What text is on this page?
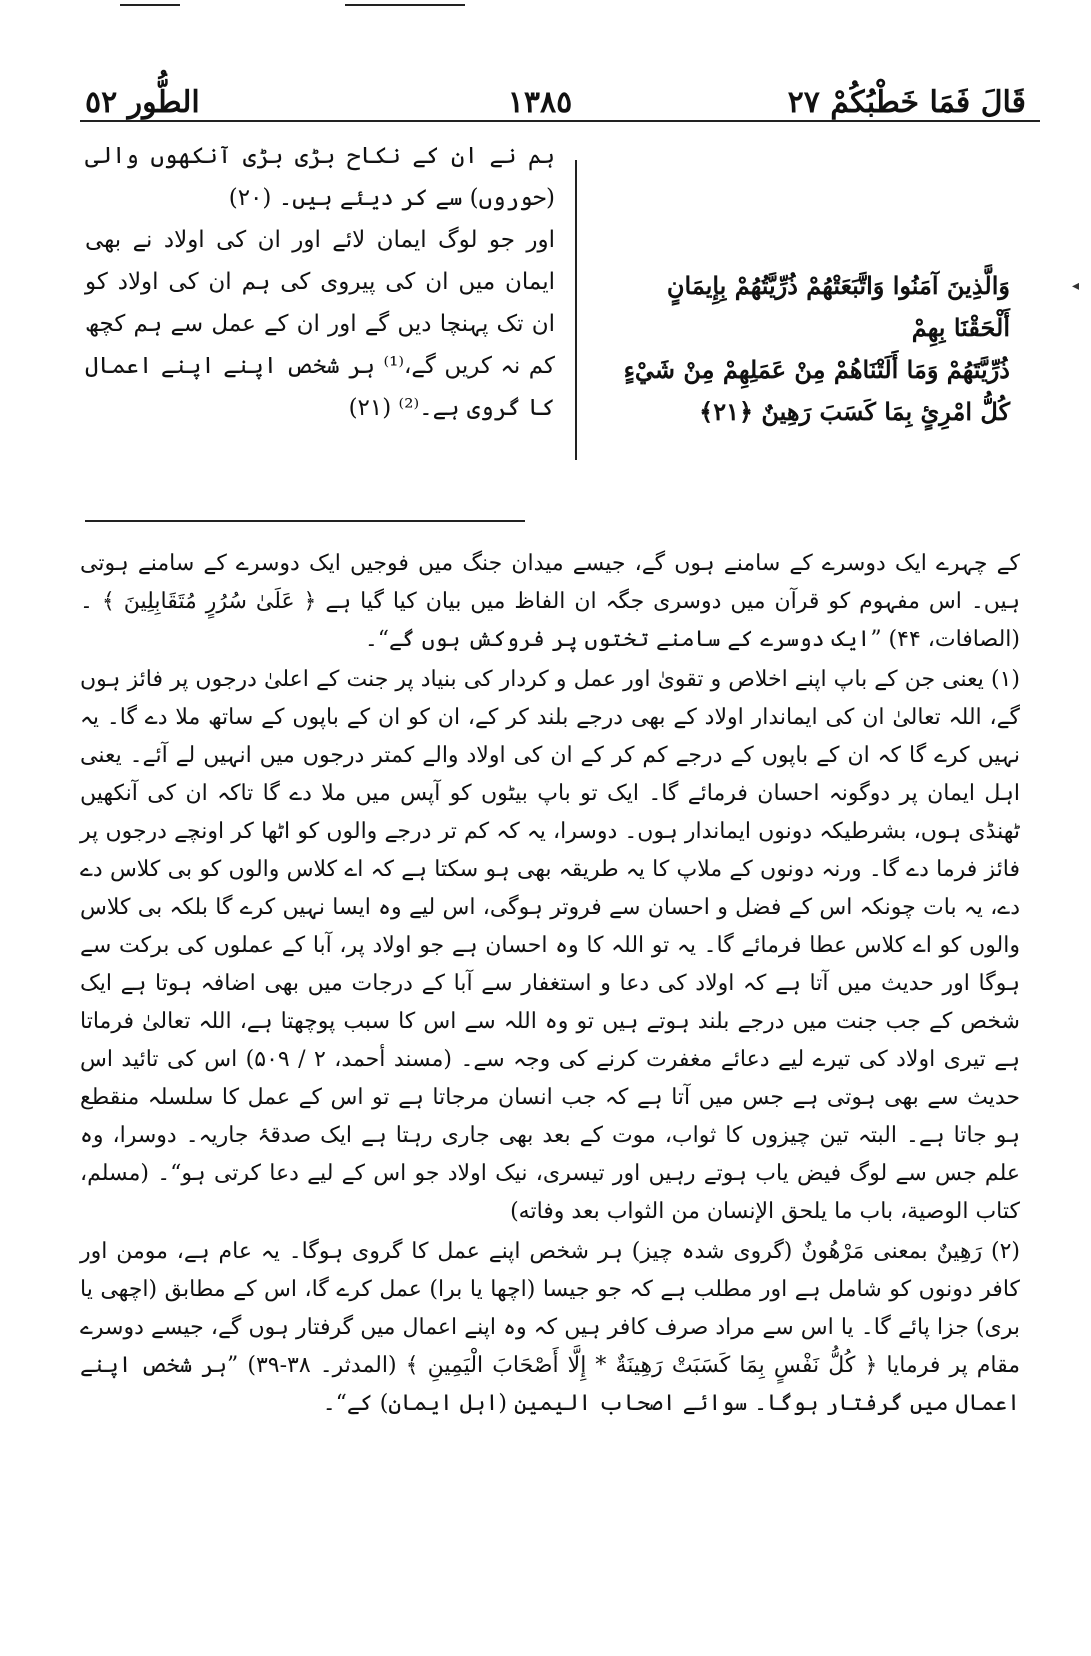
◂
قَالَ فَمَا خَطْبُكُمْ ٢٧
١٣٨٥
الطُّور ٥٢

ہم نے ان کے نکاح بڑی بڑی آنکھوں والی (حوروں) سے کر دیئے ہیں۔ (۲۰)

اور جو لوگ ایمان لائے اور ان کی اولاد نے بھی ایمان میں ان کی پیروی کی ہم ان کی اولاد کو ان تک پہنچا دیں گے اور ان کے عمل سے ہم کچھ کم نہ کریں گے،⁽¹⁾ ہر شخص اپنے اپنے اعمال کا گروی ہے۔⁽²⁾ (۲۱)

وَالَّذِينَ آمَنُوا وَاتَّبَعَتْهُمْ ذُرِّيَّتُهُمْ بِإِيمَانٍ أَلْحَقْنَا بِهِمْ

ذُرِّيَّتَهُمْ وَمَا أَلَتْنَاهُمْ مِنْ عَمَلِهِمْ مِنْ شَيْءٍ

كُلُّ امْرِئٍ بِمَا كَسَبَ رَهِينٌ ﴿٢١﴾

کے چہرے ایک دوسرے کے سامنے ہوں گے، جیسے میدان جنگ میں فوجیں ایک دوسرے کے سامنے ہوتی ہیں۔ اس مفہوم کو قرآن میں دوسری جگہ ان الفاظ میں بیان کیا گیا ہے ﴿ عَلَىٰ سُرُرٍ مُتَقَابِلِينَ ﴾ ۔ (الصافات، ۴۴) ”ایک دوسرے کے سامنے تختوں پر فروکش ہوں گے“۔

(۱) یعنی جن کے باپ اپنے اخلاص و تقویٰ اور عمل و کردار کی بنیاد پر جنت کے اعلیٰ درجوں پر فائز ہوں گے، اللہ تعالیٰ ان کی ایماندار اولاد کے بھی درجے بلند کر کے، ان کو ان کے باپوں کے ساتھ ملا دے گا۔ یہ نہیں کرے گا کہ ان کے باپوں کے درجے کم کر کے ان کی اولاد والے کمتر درجوں میں انہیں لے آئے۔ یعنی اہل ایمان پر دوگونہ احسان فرمائے گا۔ ایک تو باپ بیٹوں کو آپس میں ملا دے گا تاکہ ان کی آنکھیں ٹھنڈی ہوں، بشرطیکہ دونوں ایماندار ہوں۔ دوسرا، یہ کہ کم تر درجے والوں کو اٹھا کر اونچے درجوں پر فائز فرما دے گا۔ ورنہ دونوں کے ملاپ کا یہ طریقہ بھی ہو سکتا ہے کہ اے کلاس والوں کو بی کلاس دے دے، یہ بات چونکہ اس کے فضل و احسان سے فروتر ہوگی، اس لیے وہ ایسا نہیں کرے گا بلکہ بی کلاس والوں کو اے کلاس عطا فرمائے گا۔ یہ تو اللہ کا وہ احسان ہے جو اولاد پر، آبا کے عملوں کی برکت سے ہوگا اور حدیث میں آتا ہے کہ اولاد کی دعا و استغفار سے آبا کے درجات میں بھی اضافہ ہوتا ہے ایک شخص کے جب جنت میں درجے بلند ہوتے ہیں تو وہ اللہ سے اس کا سبب پوچھتا ہے، اللہ تعالیٰ فرماتا ہے تیری اولاد کی تیرے لیے دعائے مغفرت کرنے کی وجہ سے۔ (مسند أحمد، ۲ / ۵۰۹) اس کی تائید اس حدیث سے بھی ہوتی ہے جس میں آتا ہے کہ جب انسان مرجاتا ہے تو اس کے عمل کا سلسلہ منقطع ہو جاتا ہے۔ البتہ تین چیزوں کا ثواب، موت کے بعد بھی جاری رہتا ہے ایک صدقۂ جاریہ۔ دوسرا، وہ علم جس سے لوگ فیض یاب ہوتے رہیں اور تیسری، نیک اولاد جو اس کے لیے دعا کرتی ہو“۔ (مسلم، کتاب الوصية، باب ما يلحق الإنسان من الثواب بعد وفاته)

(۲) رَهِينٌ بمعنی مَرْهُونٌ (گروی شدہ چیز) ہر شخص اپنے عمل کا گروی ہوگا۔ یہ عام ہے، مومن اور کافر دونوں کو شامل ہے اور مطلب ہے کہ جو جیسا (اچھا یا برا) عمل کرے گا، اس کے مطابق (اچھی یا بری) جزا پائے گا۔ یا اس سے مراد صرف کافر ہیں کہ وہ اپنے اعمال میں گرفتار ہوں گے، جیسے دوسرے مقام پر فرمایا ﴿ كُلُّ نَفْسٍ بِمَا كَسَبَتْ رَهِينَةٌ * إِلَّا أَصْحَابَ الْيَمِينِ ﴾ (المدثر۔ ۳۸-۳۹) ”ہر شخص اپنے اعمال میں گرفتار ہوگا۔ سوائے اصحاب الیمین (اہل ایمان) کے“۔
